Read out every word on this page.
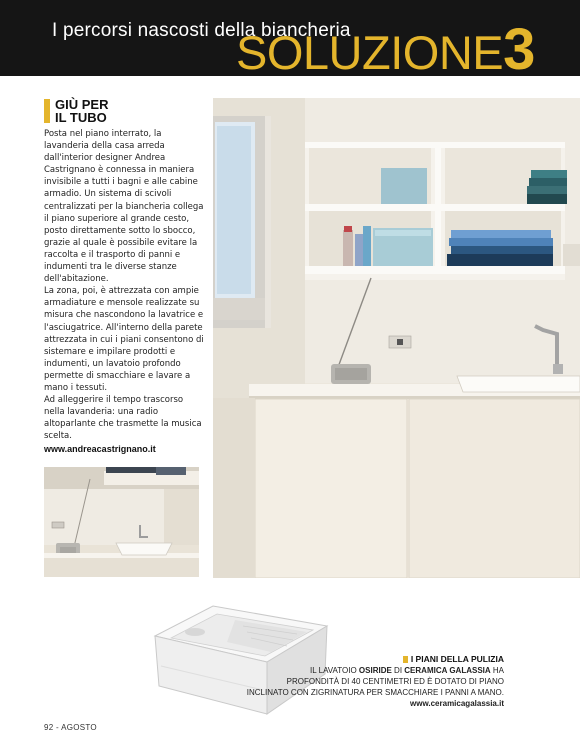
I percorsi nascosti della biancheria
SOLUZIONE3
GIÙ PER
IL TUBO

Posta nel piano interrato, la lavanderia della casa arreda dall'interior designer Andrea Castrignano è connessa in maniera invisibile a tutti i bagni e alle cabine armadio. Un sistema di scivoli centralizzati per la biancheria collega il piano superiore al grande cesto, posto direttamente sotto lo sbocco, grazie al quale è possibile evitare la raccolta e il trasporto di panni e indumenti tra le diverse stanze dell'abitazione.

La zona, poi, è attrezzata con ampie armadiature e mensole realizzate su misura che nascondono la lavatrice e l'asciugatrice. All'interno della parete attrezzata in cui i piani consentono di sistemare e impilare prodotti e indumenti, un lavatoio profondo permette di smacchiare e lavare a mano i tessuti.

Ad alleggerire il tempo trascorso nella lavanderia: una radio altoparlante che trasmette la musica scelta.

www.andreacastrignano.it
I PIANI DELLA PULIZIA
IL LAVATOIO OSIRIDE DI CERAMICA GALASSIA HA
PROFONDITÀ DI 40 CENTIMETRI ED È DOTATO DI PIANO
INCLINATO CON ZIGRINATURA PER SMACCHIARE I PANNI A MANO.
www.ceramicagalassia.it
92 - AGOSTO
